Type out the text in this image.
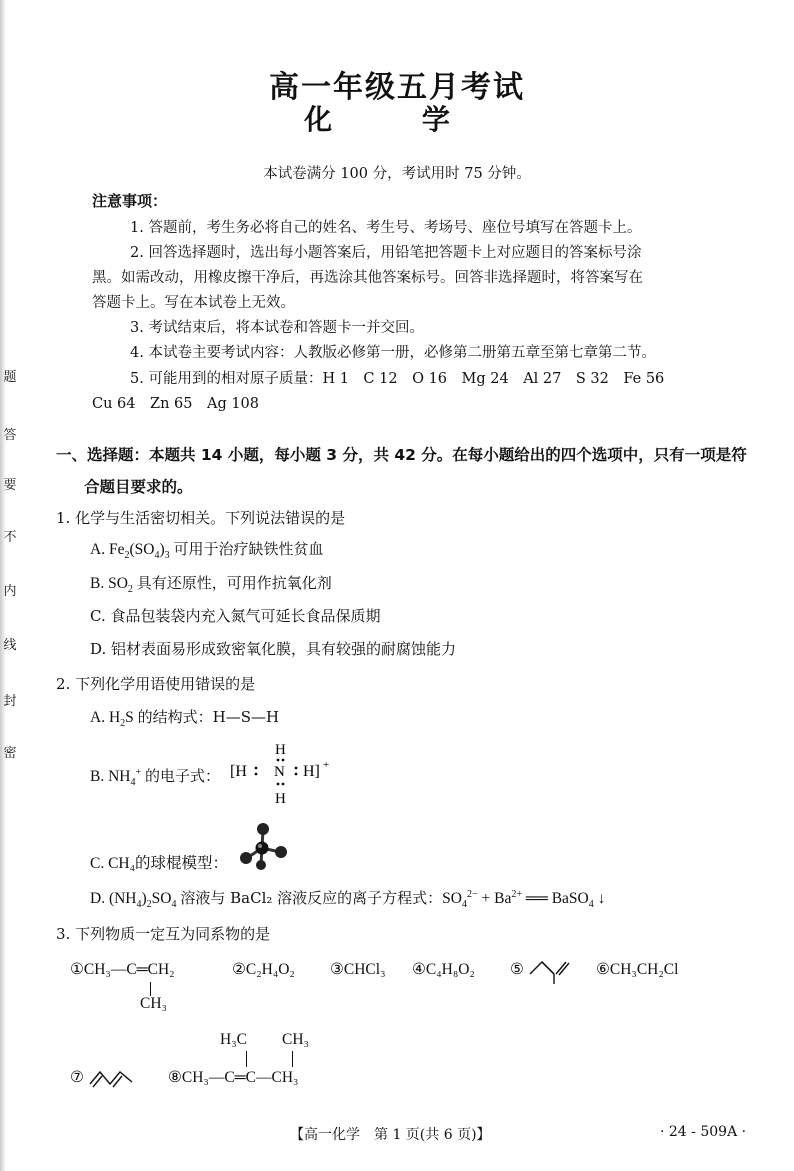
题
答
要
不
内
线
封
密
高一年级五月考试
化 学
本试卷满分 100 分，考试用时 75 分钟。
注意事项：
1. 答题前，考生务必将自己的姓名、考生号、考场号、座位号填写在答题卡上。
2. 回答选择题时，选出每小题答案后，用铅笔把答题卡上对应题目的答案标号涂
黑。如需改动，用橡皮擦干净后，再选涂其他答案标号。回答非选择题时，将答案写在
答题卡上。写在本试卷上无效。
3. 考试结束后，将本试卷和答题卡一并交回。
4. 本试卷主要考试内容：人教版必修第一册，必修第二册第五章至第七章第二节。
5. 可能用到的相对原子质量：H 1　C 12　O 16　Mg 24　Al 27　S 32　Fe 56
Cu 64　Zn 65　Ag 108
一、选择题：本题共 14 小题，每小题 3 分，共 42 分。在每小题给出的四个选项中，只有一项是符
合题目要求的。
1. 化学与生活密切相关。下列说法错误的是
A. $Fe_2(SO_4)_3$ 可用于治疗缺铁性贫血
B. $SO_2$ 具有还原性，可用作抗氧化剂
C. 食品包装袋内充入氮气可延长食品保质期
D. 铝材表面易形成致密氧化膜，具有较强的耐腐蚀能力
2. 下列化学用语使用错误的是
A. $H_2S$ 的结构式：H—S—H
B. $NH_4^+$ 的电子式：
H
[H N H] +
H
C. CH₄的球棍模型：
D. $(NH_4)_2SO_4$ 溶液与 BaCl₂ 溶液反应的离子方程式：$SO_4^{2-} + Ba^{2+}$ ══ BaSO$_4$ ↓
3. 下列物质一定互为同系物的是
①CH₃—C═CH₂
CH₃
②C₂H₄O₂ ③CHCl₃ ④C₄H₈O₂ ⑤	⑥CH₃CH₂Cl
⑦	⑧CH₃—C═C—CH₃
H₃C CH₃
【高一化学　第 1 页(共 6 页)】	· 24 - 509A ·
